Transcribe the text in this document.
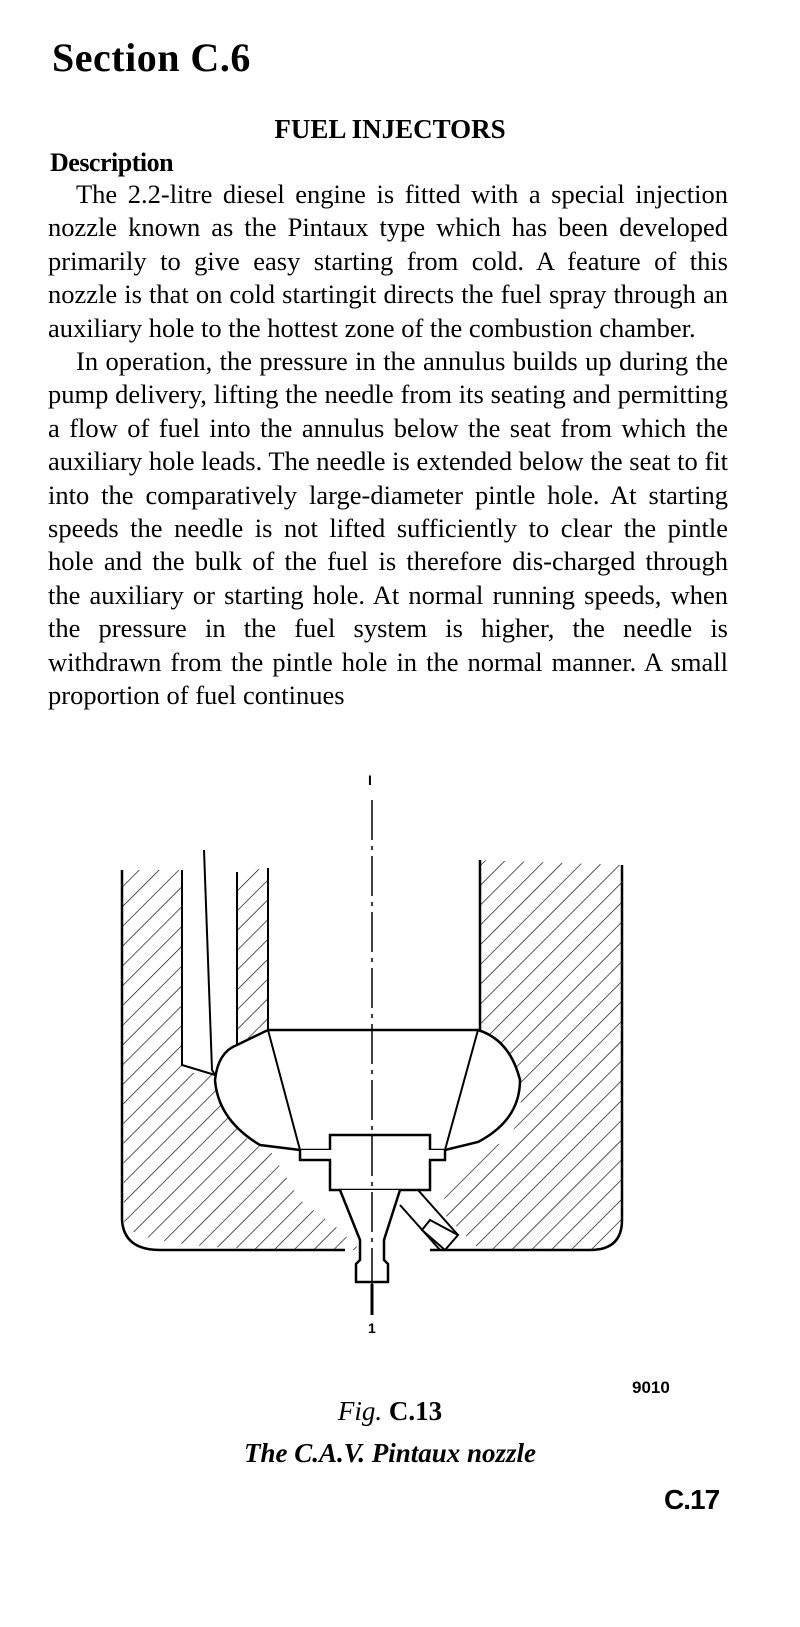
Section C.6
FUEL INJECTORS
Description

The 2.2-litre diesel engine is fitted with a special injection nozzle known as the Pintaux type which has been developed primarily to give easy starting from cold. A feature of this nozzle is that on cold startingit directs the fuel spray through an auxiliary hole to the hottest zone of the combustion chamber.

In operation, the pressure in the annulus builds up during the pump delivery, lifting the needle from its seating and permitting a flow of fuel into the annulus below the seat from which the auxiliary hole leads. The needle is extended below the seat to fit into the comparatively large-diameter pintle hole. At starting speeds the needle is not lifted sufficiently to clear the pintle hole and the bulk of the fuel is therefore dis-charged through the auxiliary or starting hole. At normal running speeds, when the pressure in the fuel system is higher, the needle is withdrawn from the pintle hole in the normal manner. A small proportion of fuel continues

I
1
9010
Fig. C.13
The C.A.V. Pintaux nozzle
C.17
